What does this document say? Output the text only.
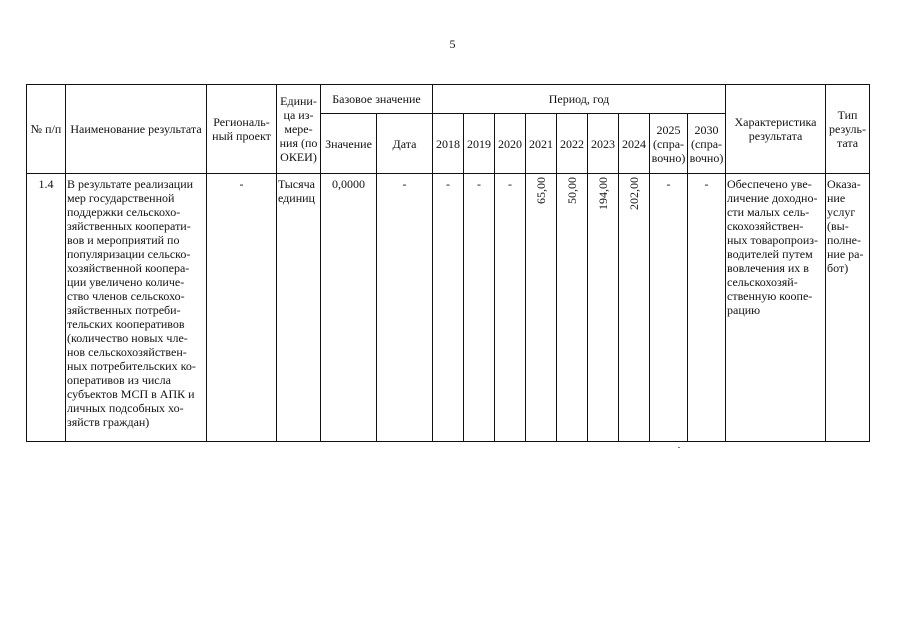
5
№ п/п	Наименование результата	Региональ- ный проект	Едини- ца из- мере- ния (по ОКЕИ)	Базовое значение		Период, год									Характеристика результата	Тип резуль- тата
				Значение	Дата	2018	2019	2020	2021	2022	2023	2024	2025 (спра- вочно)	2030 (спра- вочно)		
1.4	В результате реализации мер государственной поддержки сельскохо- зяйственных кооперати- вов и мероприятий по популяризации сельско- хозяйственной коопера- ции увеличено количе- ство членов сельскохо- зяйственных потреби- тельских кооперативов (количество новых чле- нов сельскохозяйствен- ных потребительских ко- оперативов из числа субъектов МСП в АПК и личных подсобных хо- зяйств граждан)	-	Тысяча единиц	0,0000	-	-	-	-	65,00	50,00	194,00	202,00	-	-	Обеспечено уве- личение доходно- сти малых сель- скохозяйствен- ных товаропроиз- водителей путем вовлечения их в сельскохозяй- ственную коопе- рацию	Оказа- ние услуг (вы- полне- ние ра- бот)
